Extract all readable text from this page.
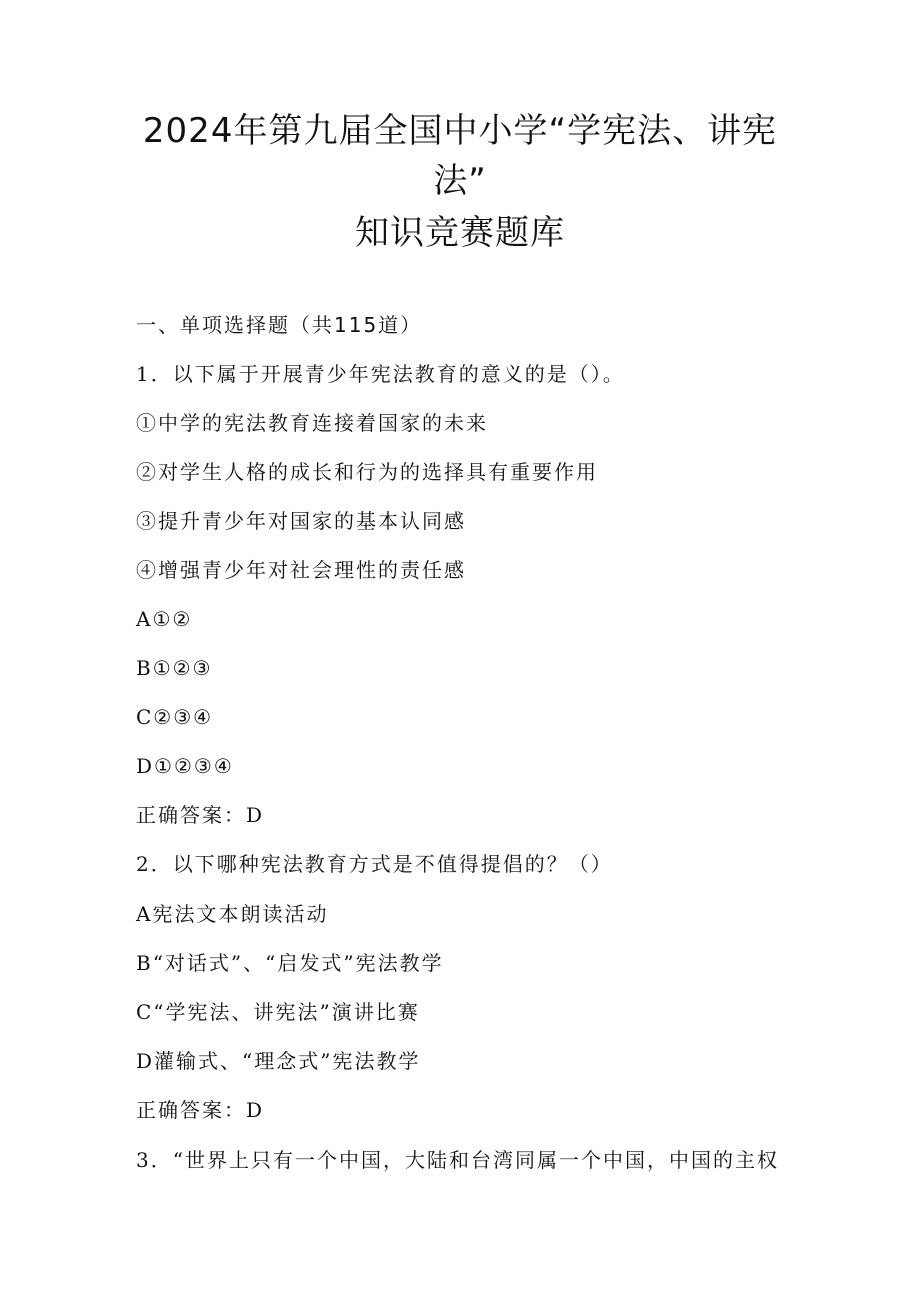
2024年第九届全国中小学“学宪法、讲宪
法”
知识竞赛题库
一、单项选择题（共115道）
1．以下属于开展青少年宪法教育的意义的是（）。
①中学的宪法教育连接着国家的未来
②对学生人格的成长和行为的选择具有重要作用
③提升青少年对国家的基本认同感
④增强青少年对社会理性的责任感
A①②
B①②③
C②③④
D①②③④
正确答案：D
2．以下哪种宪法教育方式是不值得提倡的？（）
A宪法文本朗读活动
B“对话式”、“启发式”宪法教学
C“学宪法、讲宪法”演讲比赛
D灌输式、“理念式”宪法教学
正确答案：D
3．“世界上只有一个中国，大陆和台湾同属一个中国，中国的主权
